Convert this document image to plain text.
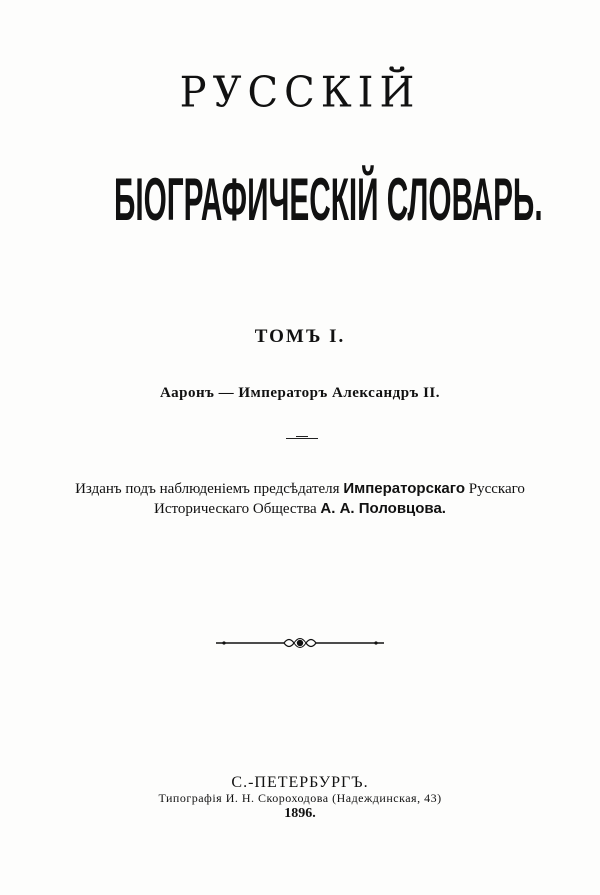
РУССКІЙ
БІОГРАФИЧЕСКІЙ СЛОВАРЬ.
ТОМЪ I.
Ааронъ — Императоръ Александръ II.
Изданъ подъ наблюденіемъ предсѣдателя Императорскаго Русскаго
Историческаго Общества А. А. Половцова.
С.-ПЕТЕРБУРГЪ.
Типографія И. Н. Скороходова (Надеждинская, 43)
1896.
